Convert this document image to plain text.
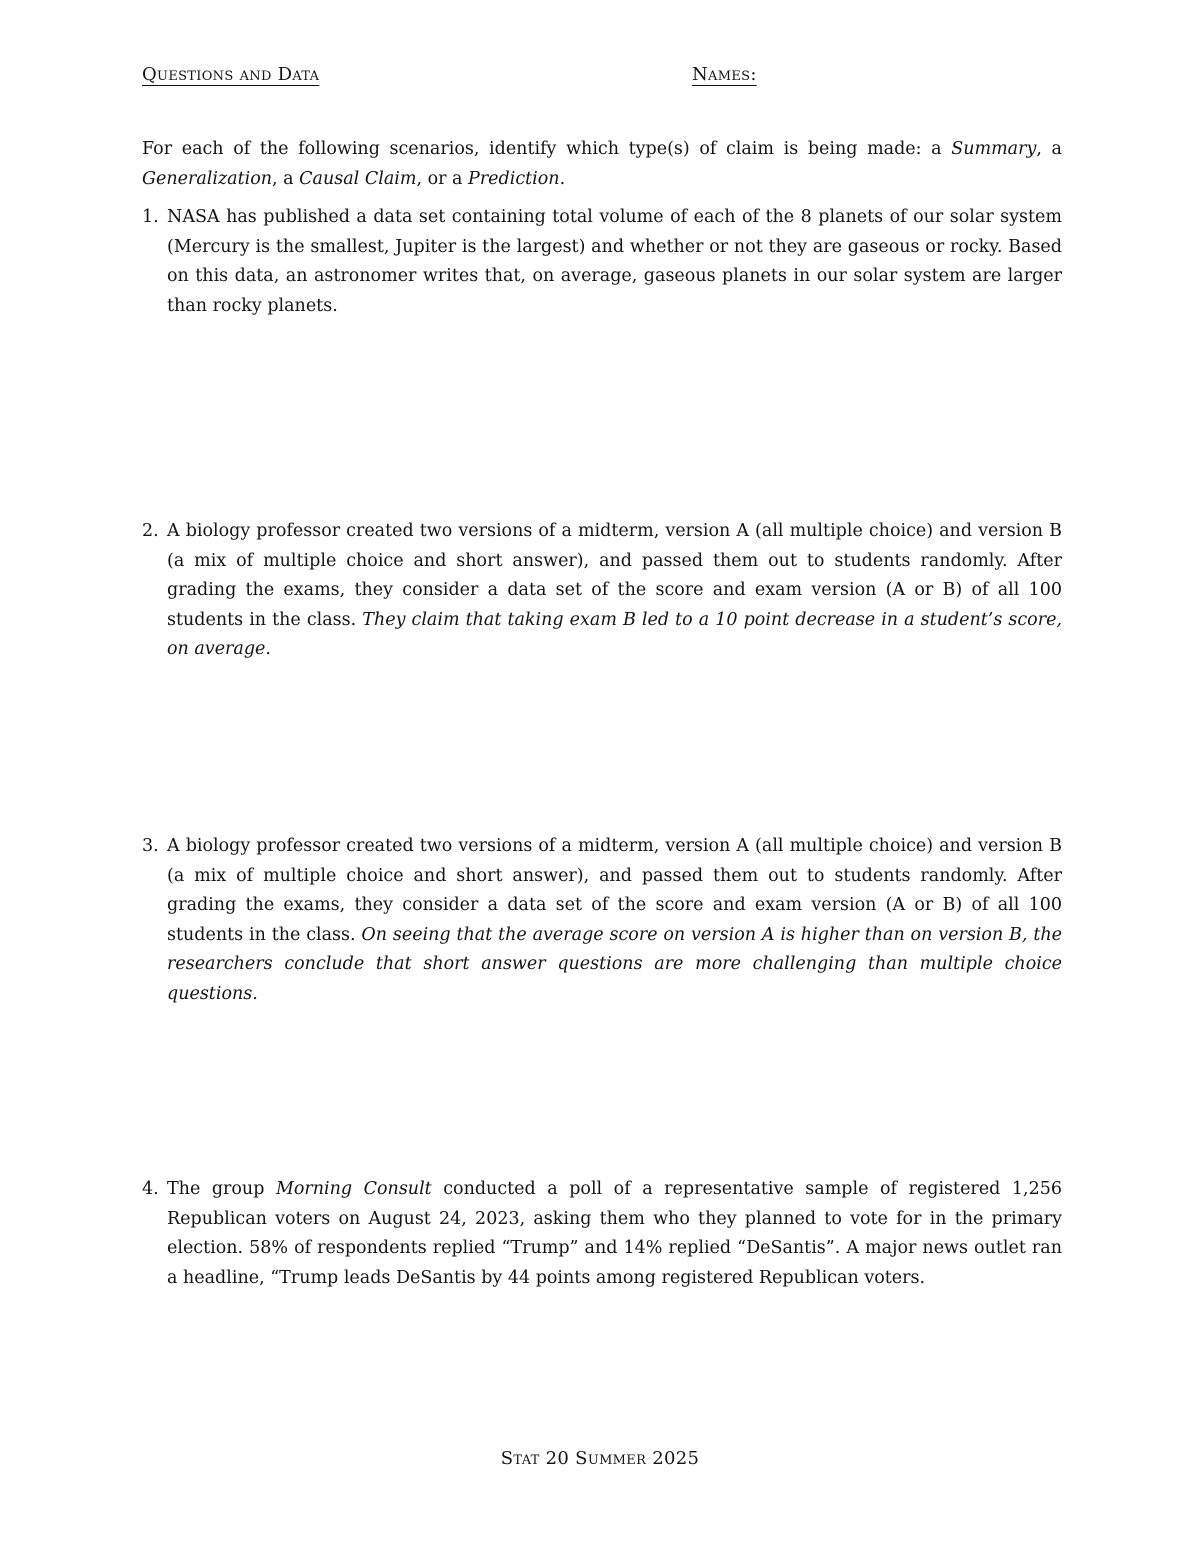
Questions and Data	Names:
For each of the following scenarios, identify which type(s) of claim is being made: a Summary, a Generalization, a Causal Claim, or a Prediction.
1. NASA has published a data set containing total volume of each of the 8 planets of our solar system (Mercury is the smallest, Jupiter is the largest) and whether or not they are gaseous or rocky. Based on this data, an astronomer writes that, on average, gaseous planets in our solar system are larger than rocky planets.
2. A biology professor created two versions of a midterm, version A (all multiple choice) and version B (a mix of multiple choice and short answer), and passed them out to students randomly. After grading the exams, they consider a data set of the score and exam version (A or B) of all 100 students in the class. They claim that taking exam B led to a 10 point decrease in a student’s score, on average.
3. A biology professor created two versions of a midterm, version A (all multiple choice) and version B (a mix of multiple choice and short answer), and passed them out to students randomly. After grading the exams, they consider a data set of the score and exam version (A or B) of all 100 students in the class. On seeing that the average score on version A is higher than on version B, the researchers conclude that short answer questions are more challenging than multiple choice questions.
4. The group Morning Consult conducted a poll of a representative sample of registered 1,256 Republican voters on August 24, 2023, asking them who they planned to vote for in the primary election. 58% of respondents replied “Trump” and 14% replied “DeSantis”. A major news outlet ran a headline, “Trump leads DeSantis by 44 points among registered Republican voters.
Stat 20 Summer 2025
